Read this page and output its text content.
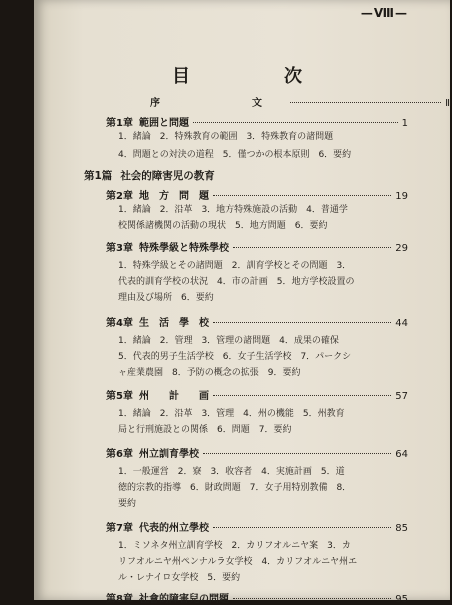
—Ⅷ—
目　次
序　　文	Ⅲ
第1章 範囲と問題	1
1．緒論　2．特殊教育の範囲　3．特殊教育の諸問題
4．問題との対決の道程　5．僅つかの根本原則　6．要約
第1篇 社会的障害児の教育
第2章 地　方　問　題	19
1．緒論　2．沿革　3．地方特殊施設の活動　4．普通学
校関係諸機関の活動の現状　5．地方問題　6．要約
第3章 特殊學級と特殊學校	29
1．特殊学級とその諸問題　2．訓育学校とその問題　3．
代表的訓育学校の状況　4．市の計画　5．地方学校設置の
理由及び場所　6．要約
第4章 生　活　學　校	44
1．緒論　2．管理　3．管理の諸問題　4．成果の確保
5．代表的男子生活学校　6．女子生活学校　7．パークシ
ャ産業農園　8．予防の概念の拡張　9．要約
第5章 州　　計　　画	57
1．緒論　2．沿革　3．管理　4．州の機能　5．州教育
局と行刑施設との関係　6．問題　7．要約
第6章 州立訓育學校	64
1．一般運営　2．寮　3．收容者　4．実施計画　5．道
徳的宗教的指導　6．財政問題　7．女子用特別教備　8．
要約
第7章 代表的州立學校	85
1．ミソネタ州立訓育学校　2．カリフオルニヤ案　3．カ
リフオルニヤ州ペンナルラ女学校　4．カリフオルニヤ州エ
ル・レナイロ女学校　5．要約
第8章 社會的障害兒の問題	95
